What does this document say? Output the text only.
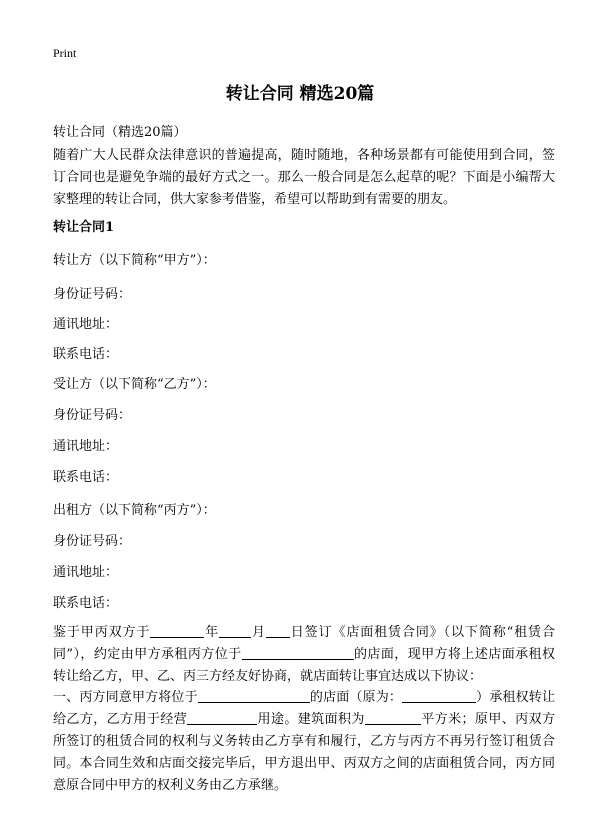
Print
转让合同 精选20篇
转让合同（精选20篇）
随着广大人民群众法律意识的普遍提高，随时随地，各种场景都有可能使用到合同，签订合同也是避免争端的最好方式之一。那么一般合同是怎么起草的呢？下面是小编帮大家整理的转让合同，供大家参考借鉴，希望可以帮助到有需要的朋友。
转让合同1
转让方（以下简称“甲方”）：
身份证号码：
通讯地址：
联系电话：
受让方（以下简称“乙方”）：
身份证号码：
通讯地址：
联系电话：
出租方（以下简称“丙方”）：
身份证号码：
通讯地址：
联系电话：
鉴于甲丙双方于	年 月 日签订《店面租赁合同》（以下简称“租赁合同”），约定由甲方承租丙方位于	的店面，现甲方将上述店面承租权转让给乙方，甲、乙、丙三方经友好协商，就店面转让事宜达成以下协议：
一、丙方同意甲方将位于	的店面（原为：	）承租权转让给乙方，乙方用于经营	用途。建筑面积为	平方米；原甲、丙双方所签订的租赁合同的权利与义务转由乙方享有和履行，乙方与丙方不再另行签订租赁合同。本合同生效和店面交接完毕后，甲方退出甲、丙双方之间的店面租赁合同，丙方同意原合同中甲方的权利义务由乙方承继。
